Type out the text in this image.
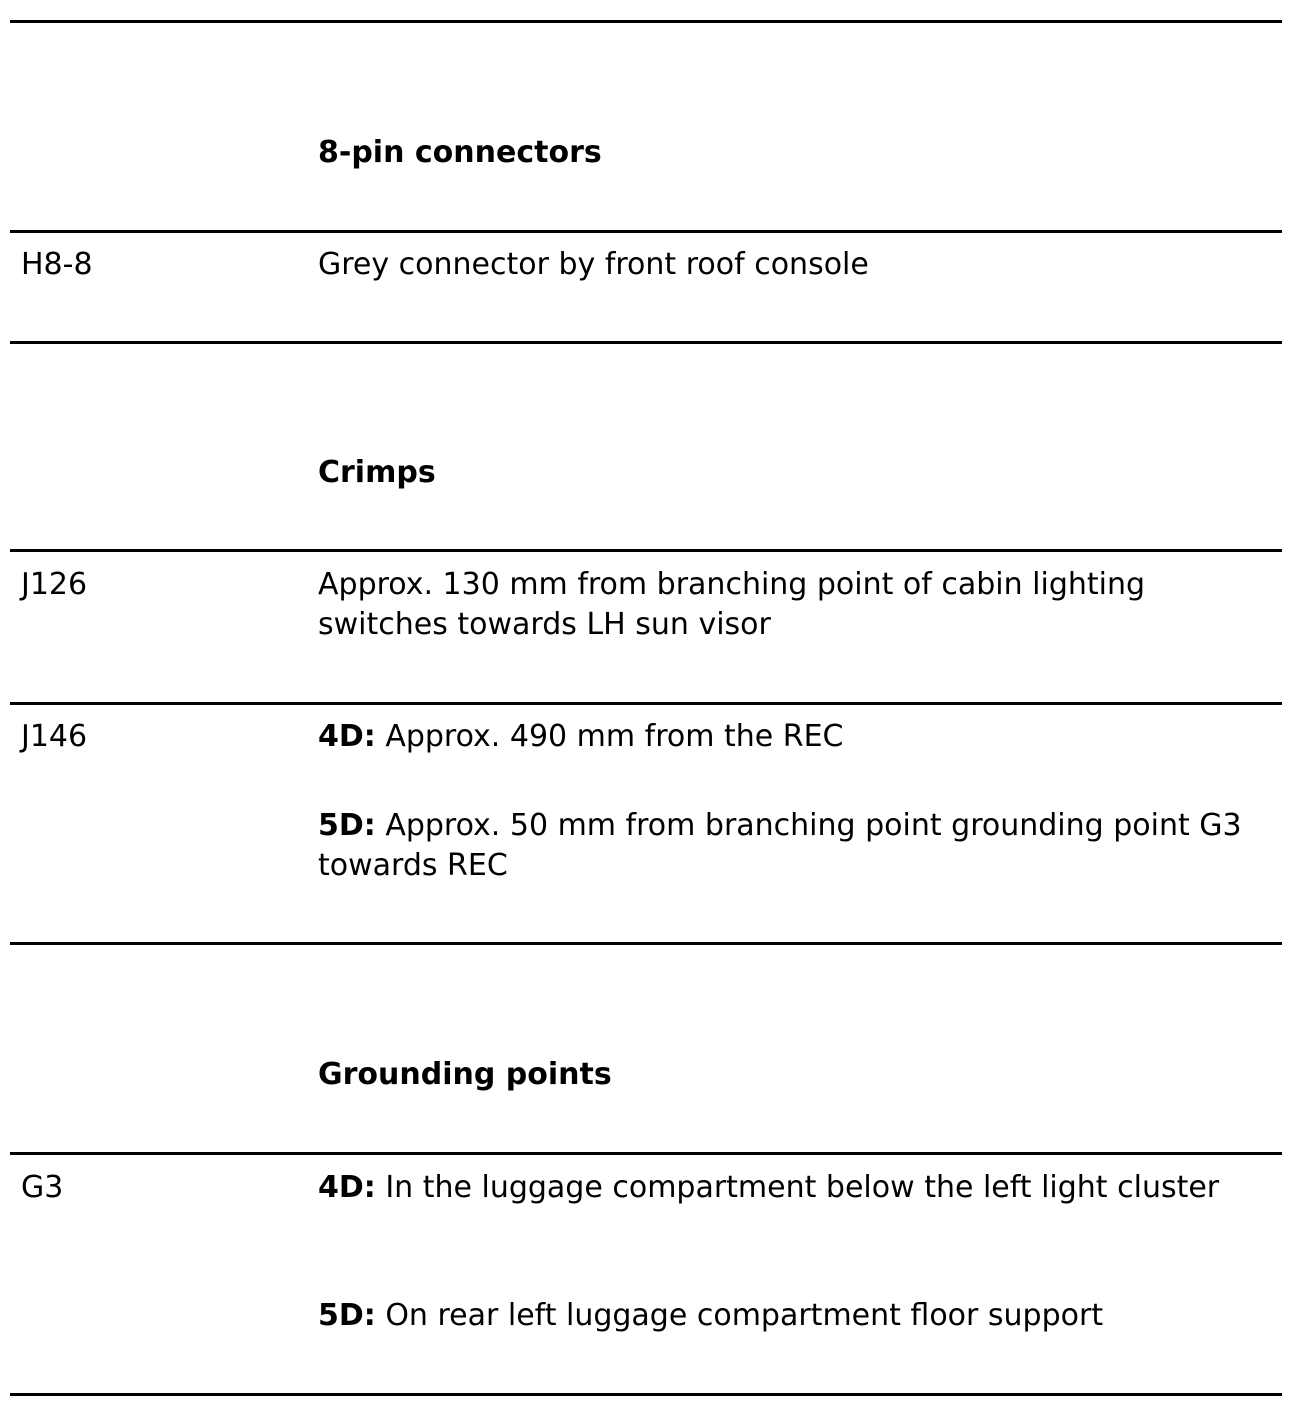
8-pin connectors
H8-8	Grey connector by front roof console
Crimps
J126	Approx. 130 mm from branching point of cabin lighting switches towards LH sun visor
J146	4D: Approx. 490 mm from the REC
5D: Approx. 50 mm from branching point grounding point G3 towards REC
Grounding points
G3	4D: In the luggage compartment below the left light cluster
5D: On rear left luggage compartment floor support
